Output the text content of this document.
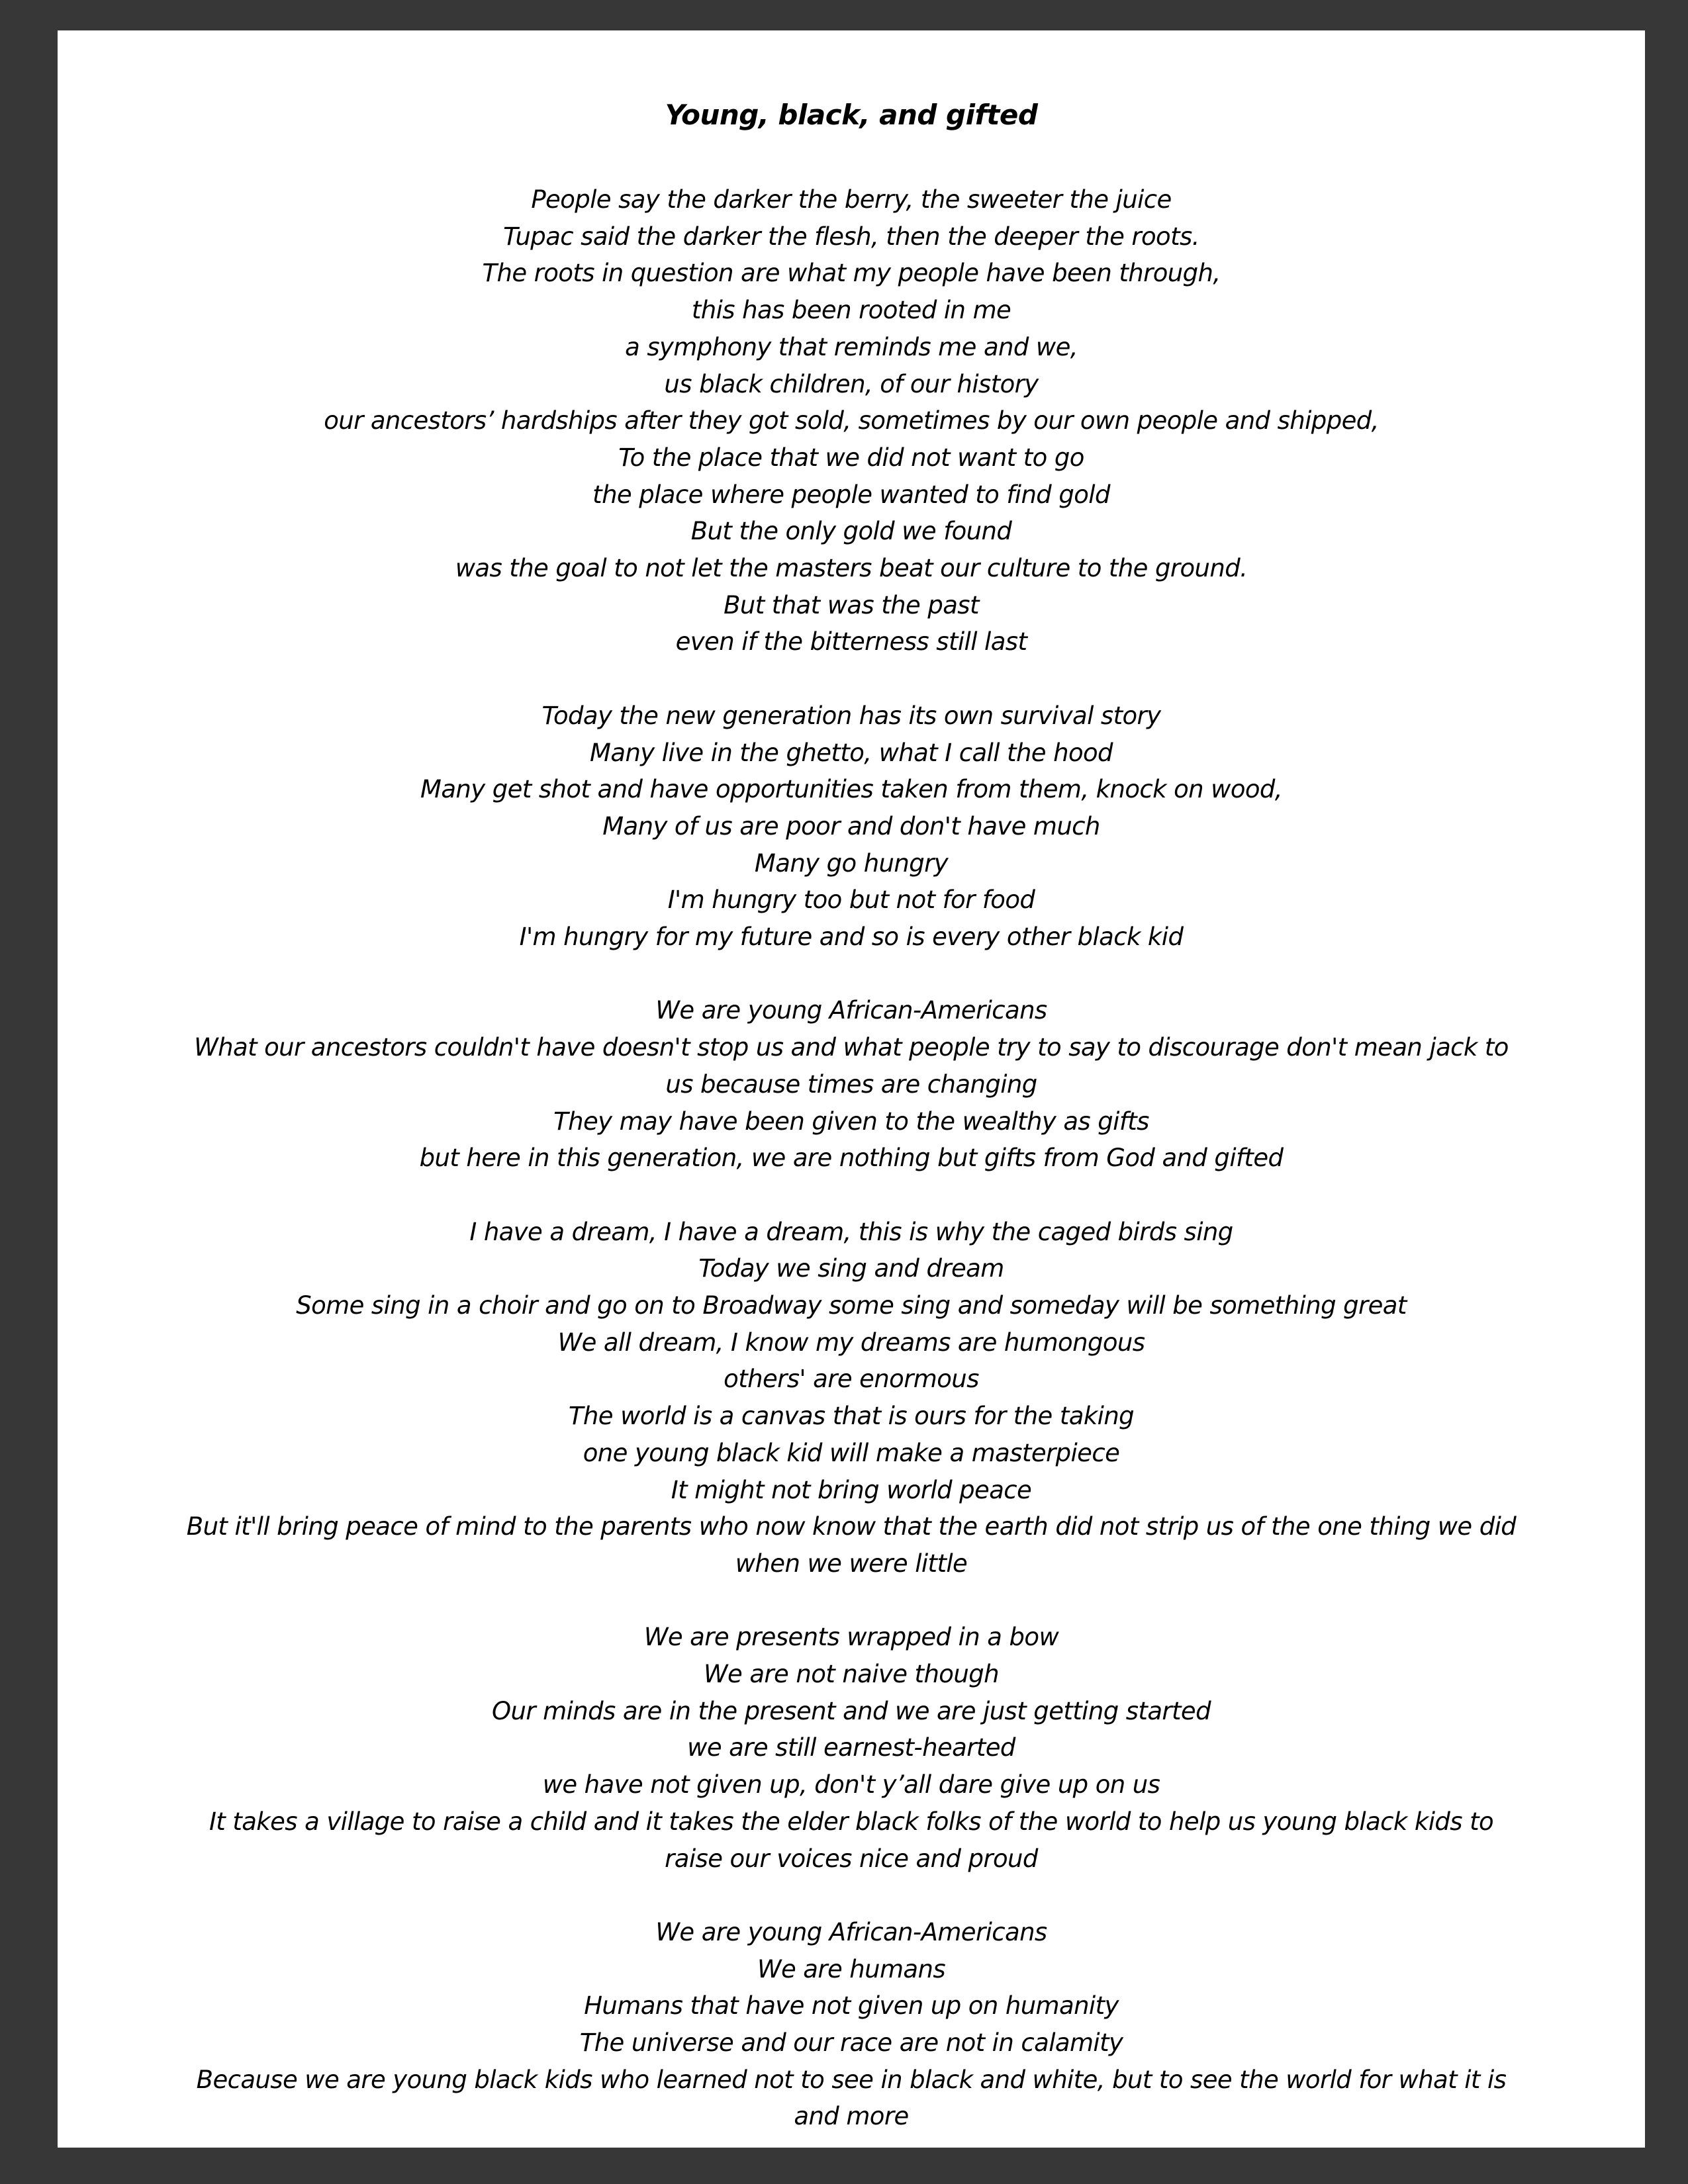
Young, black, and gifted
People say the darker the berry, the sweeter the juice
Tupac said the darker the flesh, then the deeper the roots.
The roots in question are what my people have been through,
this has been rooted in me
a symphony that reminds me and we,
us black children, of our history
our ancestors’ hardships after they got sold, sometimes by our own people and shipped,
To the place that we did not want to go
the place where people wanted to find gold
But the only gold we found
was the goal to not let the masters beat our culture to the ground.
But that was the past
even if the bitterness still last
Today the new generation has its own survival story
Many live in the ghetto, what I call the hood
Many get shot and have opportunities taken from them, knock on wood,
Many of us are poor and don't have much
Many go hungry
I'm hungry too but not for food
I'm hungry for my future and so is every other black kid
We are young African-Americans
What our ancestors couldn't have doesn't stop us and what people try to say to discourage don't mean jack to us because times are changing
They may have been given to the wealthy as gifts
but here in this generation, we are nothing but gifts from God and gifted
I have a dream, I have a dream, this is why the caged birds sing
Today we sing and dream
Some sing in a choir and go on to Broadway some sing and someday will be something great
We all dream, I know my dreams are humongous
others' are enormous
The world is a canvas that is ours for the taking
one young black kid will make a masterpiece
It might not bring world peace
But it'll bring peace of mind to the parents who now know that the earth did not strip us of the one thing we did when we were little
We are presents wrapped in a bow
We are not naive though
Our minds are in the present and we are just getting started
we are still earnest-hearted
we have not given up, don't y’all dare give up on us
It takes a village to raise a child and it takes the elder black folks of the world to help us young black kids to raise our voices nice and proud
We are young African-Americans
We are humans
Humans that have not given up on humanity
The universe and our race are not in calamity
Because we are young black kids who learned not to see in black and white, but to see the world for what it is and more
